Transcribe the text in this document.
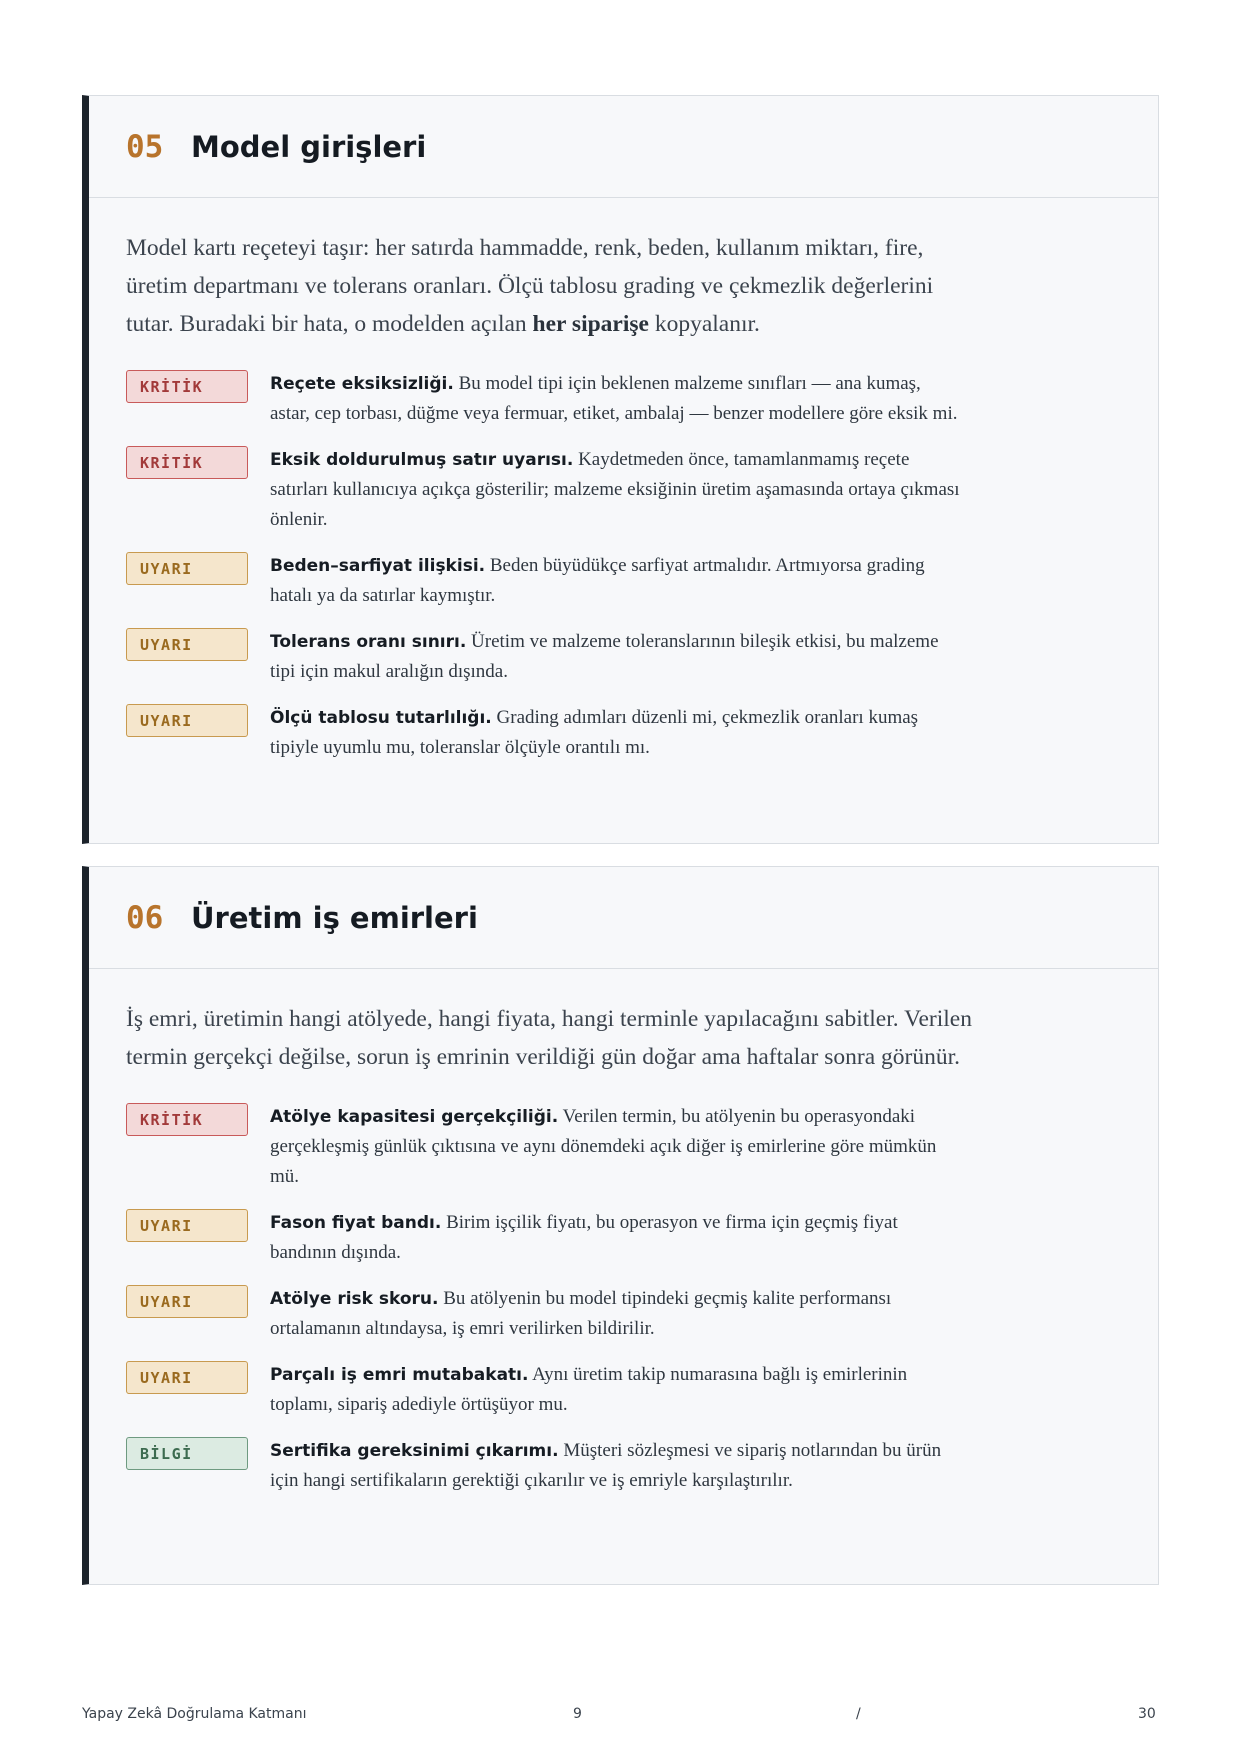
05 Model girişleri

Model kartı reçeteyi taşır: her satırda hammadde, renk, beden, kullanım miktarı, fire, üretim departmanı ve tolerans oranları. Ölçü tablosu grading ve çekmezlik değerlerini tutar. Buradaki bir hata, o modelden açılan her siparişe kopyalanır.

KRİTİK	Reçete eksiksizliği. Bu model tipi için beklenen malzeme sınıfları — ana kumaş, astar, cep torbası, düğme veya fermuar, etiket, ambalaj — benzer modellere göre eksik mi.
KRİTİK	Eksik doldurulmuş satır uyarısı. Kaydetmeden önce, tamamlanmamış reçete satırları kullanıcıya açıkça gösterilir; malzeme eksiğinin üretim aşamasında ortaya çıkması önlenir.
UYARI	Beden–sarfiyat ilişkisi. Beden büyüdükçe sarfiyat artmalıdır. Artmıyorsa grading hatalı ya da satırlar kaymıştır.
UYARI	Tolerans oranı sınırı. Üretim ve malzeme toleranslarının bileşik etkisi, bu malzeme tipi için makul aralığın dışında.
UYARI	Ölçü tablosu tutarlılığı. Grading adımları düzenli mi, çekmezlik oranları kumaş tipiyle uyumlu mu, toleranslar ölçüyle orantılı mı.
06 Üretim iş emirleri

İş emri, üretimin hangi atölyede, hangi fiyata, hangi terminle yapılacağını sabitler. Verilen termin gerçekçi değilse, sorun iş emrinin verildiği gün doğar ama haftalar sonra görünür.

KRİTİK	Atölye kapasitesi gerçekçiliği. Verilen termin, bu atölyenin bu operasyondaki gerçekleşmiş günlük çıktısına ve aynı dönemdeki açık diğer iş emirlerine göre mümkün mü.
UYARI	Fason fiyat bandı. Birim işçilik fiyatı, bu operasyon ve firma için geçmiş fiyat bandının dışında.
UYARI	Atölye risk skoru. Bu atölyenin bu model tipindeki geçmiş kalite performansı ortalamanın altındaysa, iş emri verilirken bildirilir.
UYARI	Parçalı iş emri mutabakatı. Aynı üretim takip numarasına bağlı iş emirlerinin toplamı, sipariş adediyle örtüşüyor mu.
BİLGİ	Sertifika gereksinimi çıkarımı. Müşteri sözleşmesi ve sipariş notlarından bu ürün için hangi sertifikaların gerektiği çıkarılır ve iş emriyle karşılaştırılır.
Yapay Zekâ Doğrulama Katmanı	9	/	30
